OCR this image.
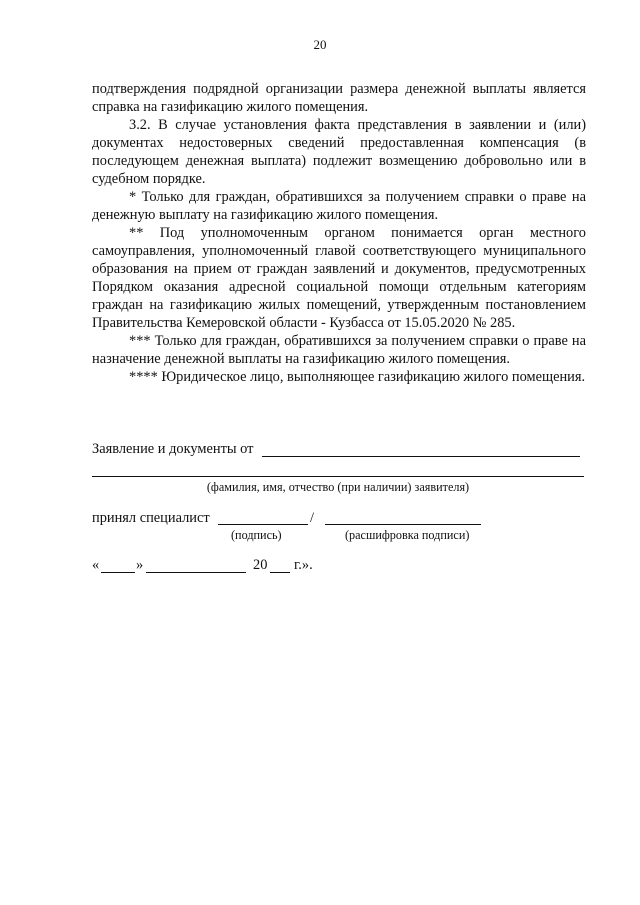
20

подтверждения подрядной организации размера денежной выплаты является справка на газификацию жилого помещения.

3.2. В случае установления факта представления в заявлении и (или) документах недостоверных сведений предоставленная компенсация (в последующем денежная выплата) подлежит возмещению добровольно или в судебном порядке.

* Только для граждан, обратившихся за получением справки о праве на денежную выплату на газификацию жилого помещения.

** Под уполномоченным органом понимается орган местного самоуправления, уполномоченный главой соответствующего муниципального образования на прием от граждан заявлений и документов, предусмотренных Порядком оказания адресной социальной помощи отдельным категориям граждан на газификацию жилых помещений, утвержденным постановлением Правительства Кемеровской области - Кузбасса от 15.05.2020 № 285.

*** Только для граждан, обратившихся за получением справки о праве на назначение денежной выплаты на газификацию жилого помещения.

**** Юридическое лицо, выполняющее газификацию жилого помещения.

Заявление и документы от
(фамилия, имя, отчество (при наличии) заявителя)
принял специалист	/
(подпись)	(расшифровка подписи)
«	»	20 г.».
